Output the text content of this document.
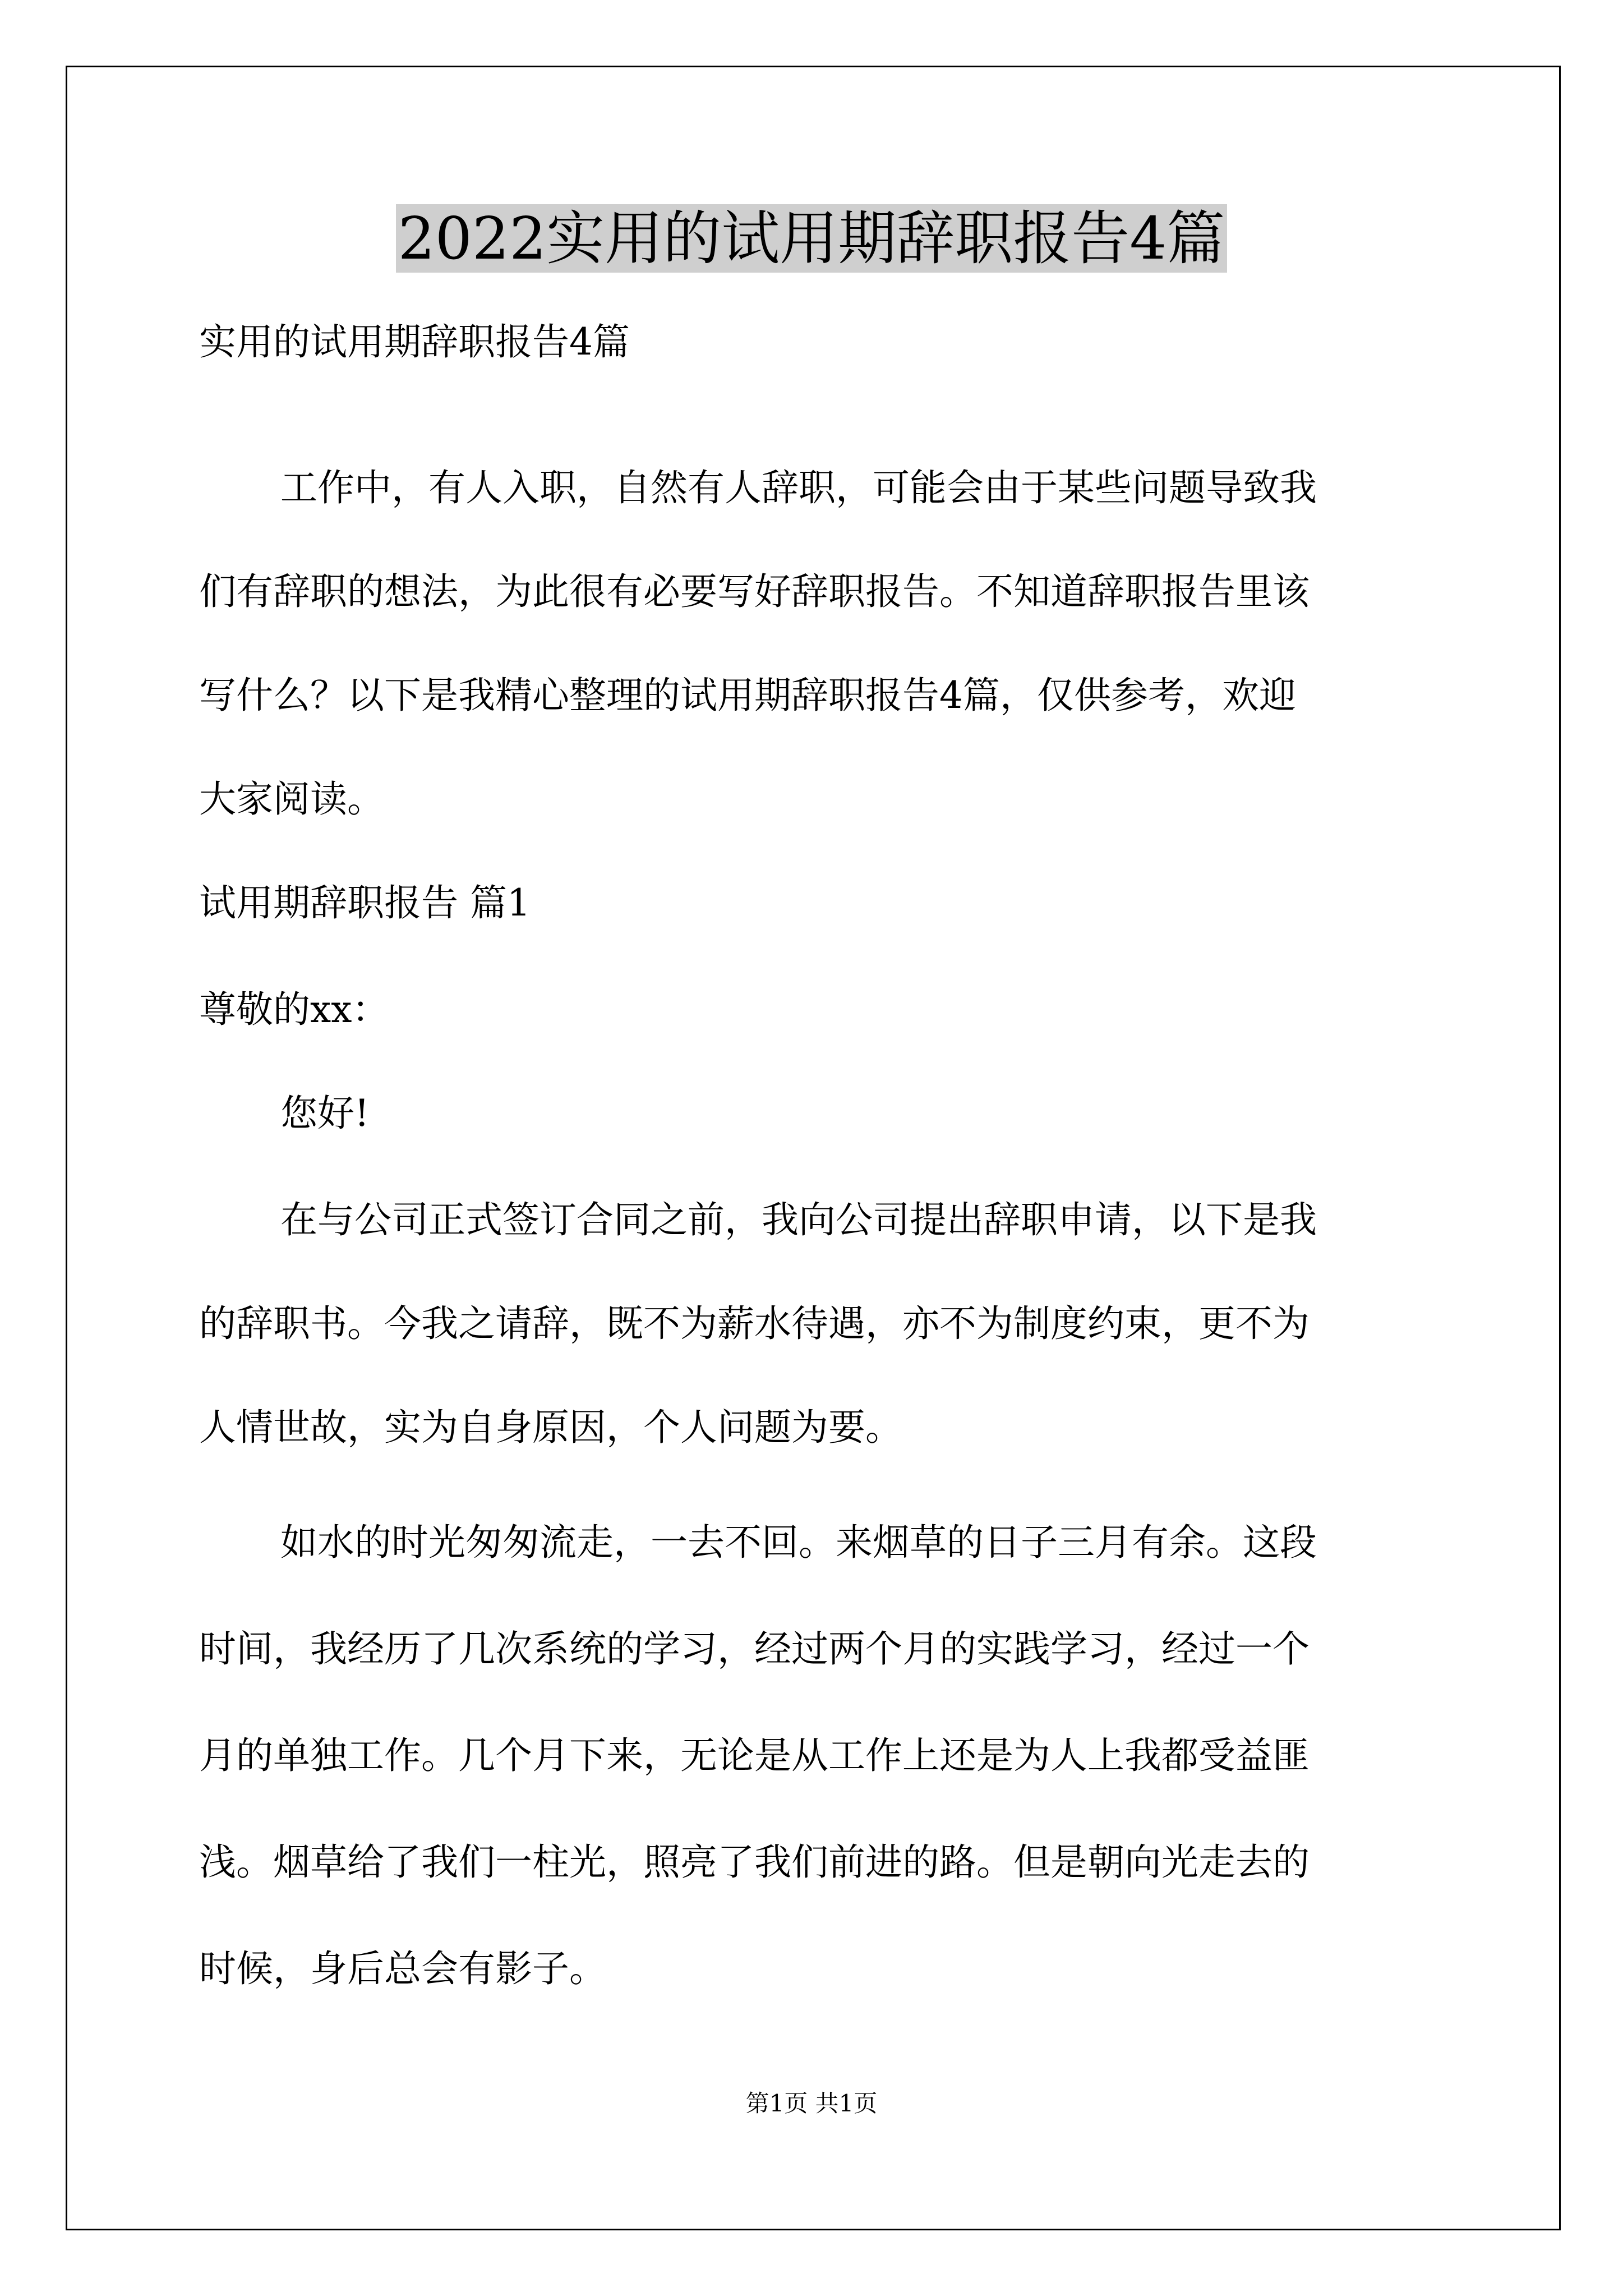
2022实用的试用期辞职报告4篇

实用的试用期辞职报告4篇

工作中，有人入职，自然有人辞职，可能会由于某些问题导致我

们有辞职的想法，为此很有必要写好辞职报告。不知道辞职报告里该

写什么？以下是我精心整理的试用期辞职报告4篇，仅供参考，欢迎

大家阅读。

试用期辞职报告 篇1

尊敬的xx：

您好!

在与公司正式签订合同之前，我向公司提出辞职申请，以下是我

的辞职书。今我之请辞，既不为薪水待遇，亦不为制度约束，更不为

人情世故，实为自身原因，个人问题为要。

如水的时光匆匆流走，一去不回。来烟草的日子三月有余。这段

时间，我经历了几次系统的学习，经过两个月的实践学习，经过一个

月的单独工作。几个月下来，无论是从工作上还是为人上我都受益匪

浅。烟草给了我们一柱光，照亮了我们前进的路。但是朝向光走去的

时候，身后总会有影子。

第1页 共1页
